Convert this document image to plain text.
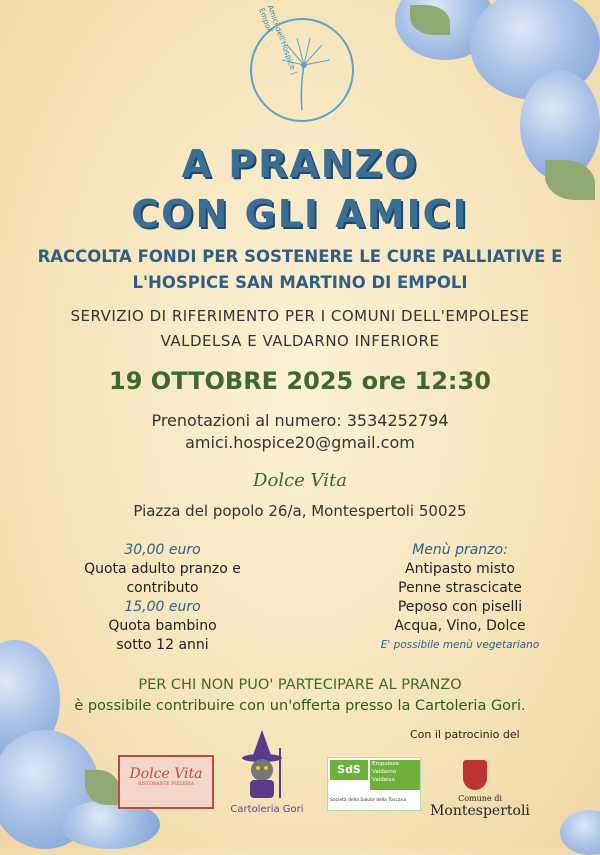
Amici dell'Hospice | Empoli
A PRANZO
CON GLI AMICI
RACCOLTA FONDI PER SOSTENERE LE CURE PALLIATIVE E
L'HOSPICE SAN MARTINO DI EMPOLI
SERVIZIO DI RIFERIMENTO PER I COMUNI DELL'EMPOLESE
VALDELSA E VALDARNO INFERIORE
19 OTTOBRE 2025 ore 12:30
Prenotazioni al numero: 3534252794
amici.hospice20@gmail.com
Dolce Vita
Piazza del popolo 26/a, Montespertoli 50025
30,00 euro
Quota adulto pranzo e
contributo
15,00 euro
Quota bambino
sotto 12 anni
Menù pranzo:
Antipasto misto
Penne strascicate
Peposo con piselli
Acqua, Vino, Dolce
E' possibile menù vegetariano
PER CHI NON PUO' PARTECIPARE AL PRANZO
è possibile contribuire con un'offerta presso la Cartoleria Gori.
Con il patrocinio del
Dolce Vita
RISTORANTE PIZZERIA
Cartoleria Gori
SdS	Empolese Valdarno Valdelsa
Società della Salute della Toscana	Comune di
Montespertoli
